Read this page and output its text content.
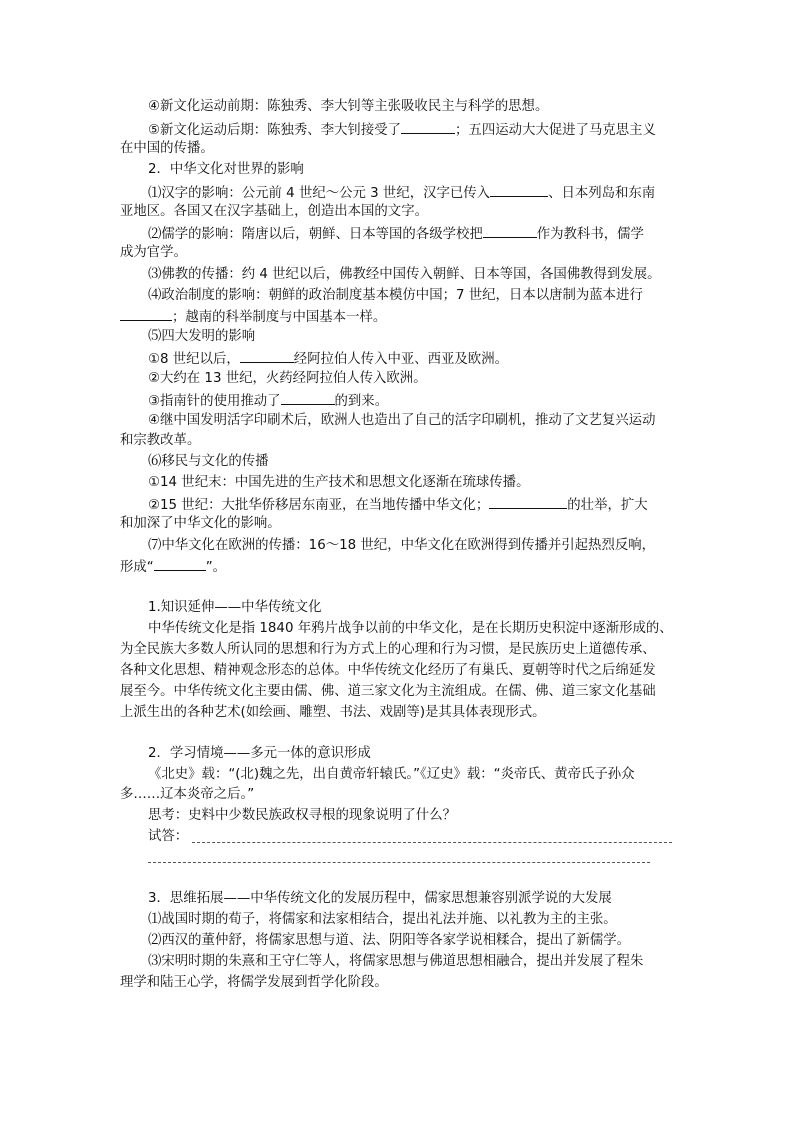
④新文化运动前期：陈独秀、李大钊等主张吸收民主与科学的思想。
⑤新文化运动后期：陈独秀、李大钊接受了	；五四运动大大促进了马克思主义
在中国的传播。
2．中华文化对世界的影响
⑴汉字的影响：公元前 4 世纪～公元 3 世纪，汉字已传入	、日本列岛和东南
亚地区。各国又在汉字基础上，创造出本国的文字。
⑵儒学的影响：隋唐以后，朝鲜、日本等国的各级学校把	作为教科书，儒学
成为官学。
⑶佛教的传播：约 4 世纪以后，佛教经中国传入朝鲜、日本等国，各国佛教得到发展。
⑷政治制度的影响：朝鲜的政治制度基本模仿中国；7 世纪，日本以唐制为蓝本进行
；越南的科举制度与中国基本一样。
⑸四大发明的影响
①8 世纪以后，	经阿拉伯人传入中亚、西亚及欧洲。
②大约在 13 世纪，火药经阿拉伯人传入欧洲。
③指南针的使用推动了	的到来。
④继中国发明活字印刷术后，欧洲人也造出了自己的活字印刷机，推动了文艺复兴运动
和宗教改革。
⑹移民与文化的传播
①14 世纪末：中国先进的生产技术和思想文化逐渐在琉球传播。
②15 世纪：大批华侨移居东南亚，在当地传播中华文化；	的壮举，扩大
和加深了中华文化的影响。
⑺中华文化在欧洲的传播：16～18 世纪，中华文化在欧洲得到传播并引起热烈反响，
形成“	”。
1.知识延伸——中华传统文化
中华传统文化是指 1840 年鸦片战争以前的中华文化，是在长期历史积淀中逐渐形成的、
为全民族大多数人所认同的思想和行为方式上的心理和行为习惯，是民族历史上道德传承、
各种文化思想、精神观念形态的总体。中华传统文化经历了有巢氏、夏朝等时代之后绵延发
展至今。中华传统文化主要由儒、佛、道三家文化为主流组成。在儒、佛、道三家文化基础
上派生出的各种艺术(如绘画、雕塑、书法、戏剧等)是其具体表现形式。
2．学习情境——多元一体的意识形成
《北史》载：“(北)魏之先，出自黄帝轩辕氏。”《辽史》载：“炎帝氏、黄帝氏子孙众
多……辽本炎帝之后。”
思考：史料中少数民族政权寻根的现象说明了什么？
试答：
3．思维拓展——中华传统文化的发展历程中，儒家思想兼容别派学说的大发展
⑴战国时期的荀子，将儒家和法家相结合，提出礼法并施、以礼教为主的主张。
⑵西汉的董仲舒，将儒家思想与道、法、阴阳等各家学说相糅合，提出了新儒学。
⑶宋明时期的朱熹和王守仁等人，将儒家思想与佛道思想相融合，提出并发展了程朱
理学和陆王心学，将儒学发展到哲学化阶段。
